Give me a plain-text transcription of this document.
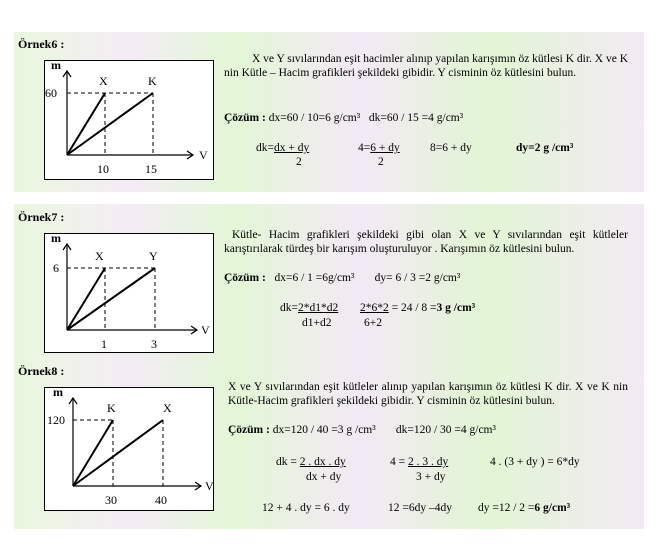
Örnek6 :
m
V
60
10	15
X	K
X ve Y sıvılarından eşit hacimler alınıp yapılan karışımın öz kütlesi K dir. X ve K nin Kütle – Hacim grafikleri şekildeki gibidir. Y cisminin öz kütlesini bulun.
Çözüm : dx=60 / 10=6 g/cm³ dk=60 / 15 =4 g/cm³
dk=dx + dy
2
4=6 + dy
2
8=6 + dy	dy=2 g /cm³
Örnek7 :
m
V
6
1	3
X	Y
Kütle- Hacim grafikleri şekildeki gibi olan X ve Y sıvılarından eşit kütleler karıştırılarak türdeş bir karışım oluşturuluyor . Karışımın öz kütlesini bulun.
Çözüm : dx=6 / 1 =6g/cm³ dy= 6 / 3 =2 g/cm³
dk=2*d1*d2
d1+d2
2*6*2 = 24 / 8 =3 g /cm³
6+2
Örnek8 :
m
V
120
30	40
K	X
X ve Y sıvılarından eşit kütleler alınıp yapılan karışımın öz kütlesi K dir. X ve K nin Kütle-Hacim grafikleri şekildeki gibidir. Y cisminin öz kütlesini bulun.
Çözüm : dx=120 / 40 =3 g /cm³ dk=120 / 30 =4 g/cm³
dk = 2 . dx . dy
dx + dy
4 = 2 . 3 . dy
3 + dy
4 . (3 + dy ) = 6*dy
12 + 4 . dy = 6 . dy	12 =6dy –4dy dy =12 / 2 =6 g/cm³
